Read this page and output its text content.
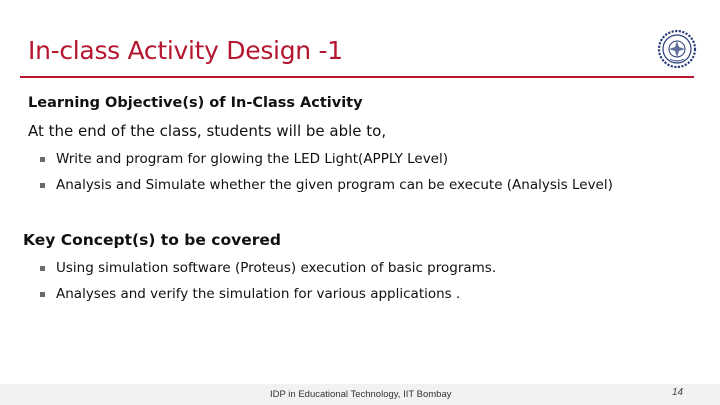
In-class Activity Design -1
Learning Objective(s) of In-Class Activity
At the end of the class, students will be able to,
Write and program for glowing the LED Light(APPLY Level)
Analysis and Simulate whether the given program can be execute (Analysis Level)
Key Concept(s) to be covered
Using simulation software (Proteus) execution of basic programs.
Analyses and verify the simulation for various applications .
IDP in Educational Technology, IIT Bombay	14
